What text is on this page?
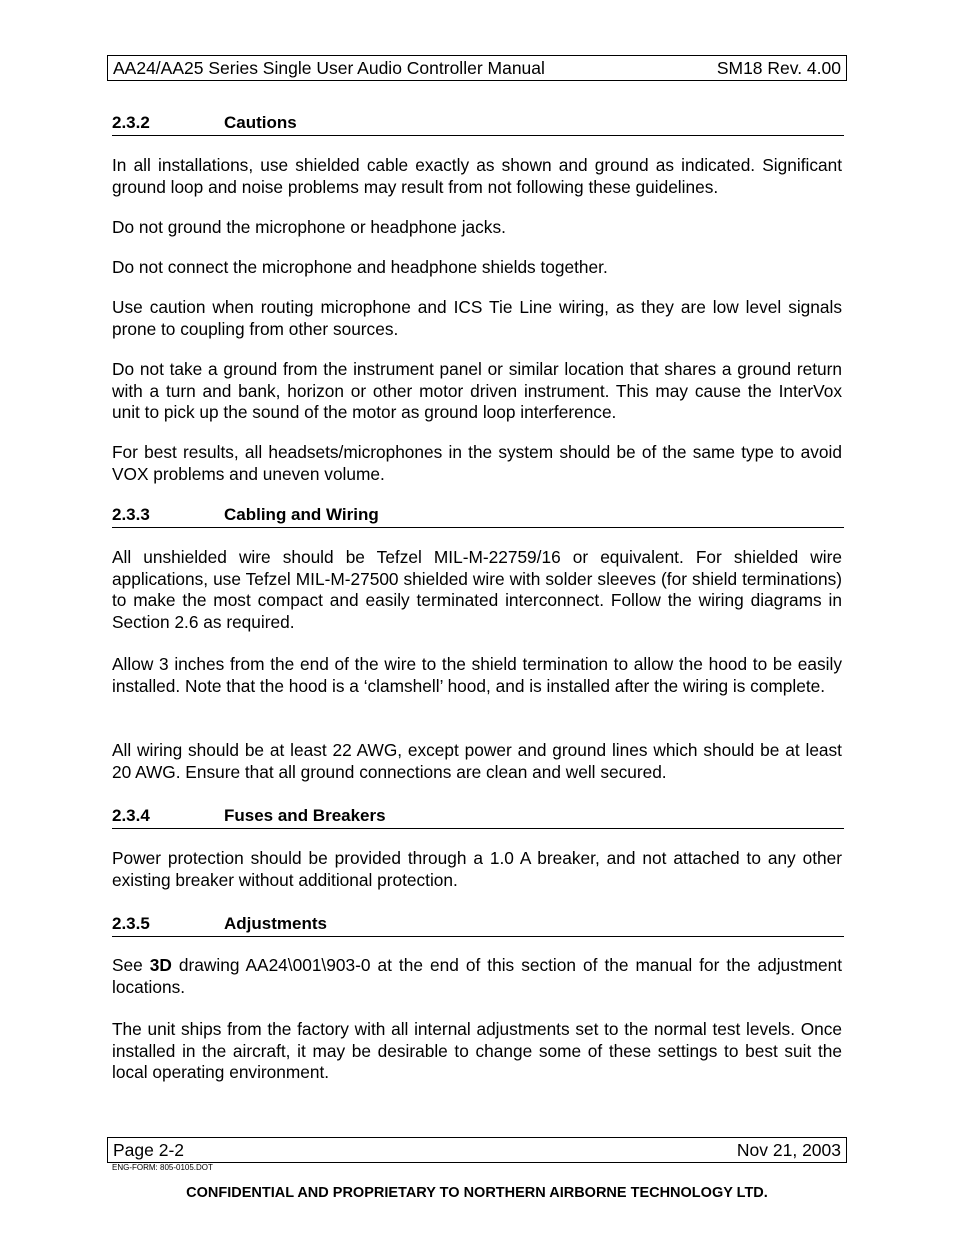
AA24/AA25 Series Single User Audio Controller Manual	SM18 Rev. 4.00
2.3.2	Cautions

In all installations, use shielded cable exactly as shown and ground as indicated. Significant ground loop and noise problems may result from not following these guidelines.

Do not ground the microphone or headphone jacks.

Do not connect the microphone and headphone shields together.

Use caution when routing microphone and ICS Tie Line wiring, as they are low level signals prone to coupling from other sources.

Do not take a ground from the instrument panel or similar location that shares a ground return with a turn and bank, horizon or other motor driven instrument. This may cause the InterVox unit to pick up the sound of the motor as ground loop interference.

For best results, all headsets/microphones in the system should be of the same type to avoid VOX problems and uneven volume.

2.3.3	Cabling and Wiring

All unshielded wire should be Tefzel MIL-M-22759/16 or equivalent. For shielded wire applications, use Tefzel MIL-M-27500 shielded wire with solder sleeves (for shield terminations) to make the most compact and easily terminated interconnect. Follow the wiring diagrams in Section 2.6 as required.

Allow 3 inches from the end of the wire to the shield termination to allow the hood to be easily installed. Note that the hood is a ‘clamshell’ hood, and is installed after the wiring is complete.

All wiring should be at least 22 AWG, except power and ground lines which should be at least 20 AWG. Ensure that all ground connections are clean and well secured.

2.3.4	Fuses and Breakers

Power protection should be provided through a 1.0 A breaker, and not attached to any other existing breaker without additional protection.

2.3.5	Adjustments

See 3D drawing AA24\001\903-0 at the end of this section of the manual for the adjustment locations.

The unit ships from the factory with all internal adjustments set to the normal test levels. Once installed in the aircraft, it may be desirable to change some of these settings to best suit the local operating environment.

Page 2-2	Nov 21, 2003
ENG-FORM: 805-0105.DOT
CONFIDENTIAL AND PROPRIETARY TO NORTHERN AIRBORNE TECHNOLOGY LTD.
